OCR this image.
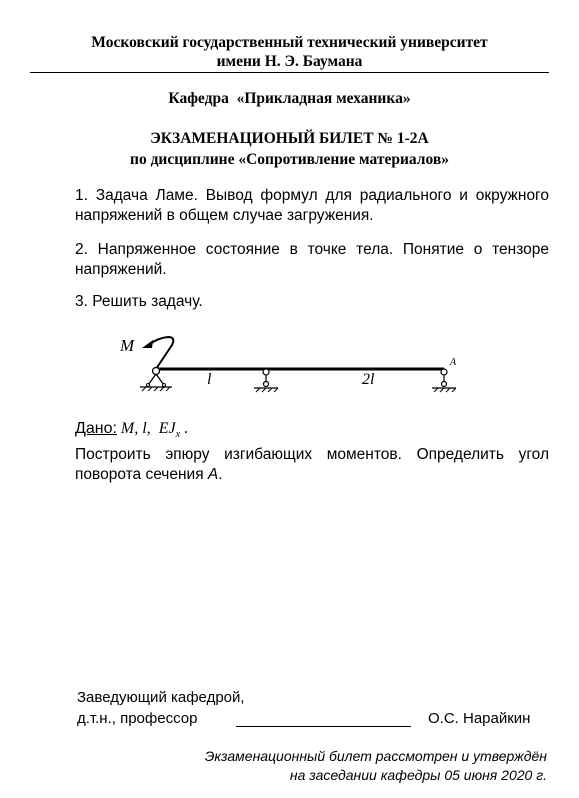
Московский государственный технический университет
имени Н. Э. Баумана
Кафедра  «Прикладная механика»
ЭКЗАМЕНАЦИОНЫЙ БИЛЕТ № 1-2А
по дисциплине «Сопротивление материалов»
1. Задача Ламе. Вывод формул для радиального и окружного напряжений в общем случае загружения.
2. Напряженное состояние в точке тела. Понятие о тензоре напряжений.
3. Решить задачу.
M
l	2l
A
Дано: M, l, $EJ_x$ .
Построить эпюру изгибающих моментов. Определить угол поворота сечения A.
Заведующий кафедрой,
д.т.н., профессор	О.С. Нарайкин
Экзаменационный билет рассмотрен и утверждён
на заседании кафедры 05 июня 2020 г.
